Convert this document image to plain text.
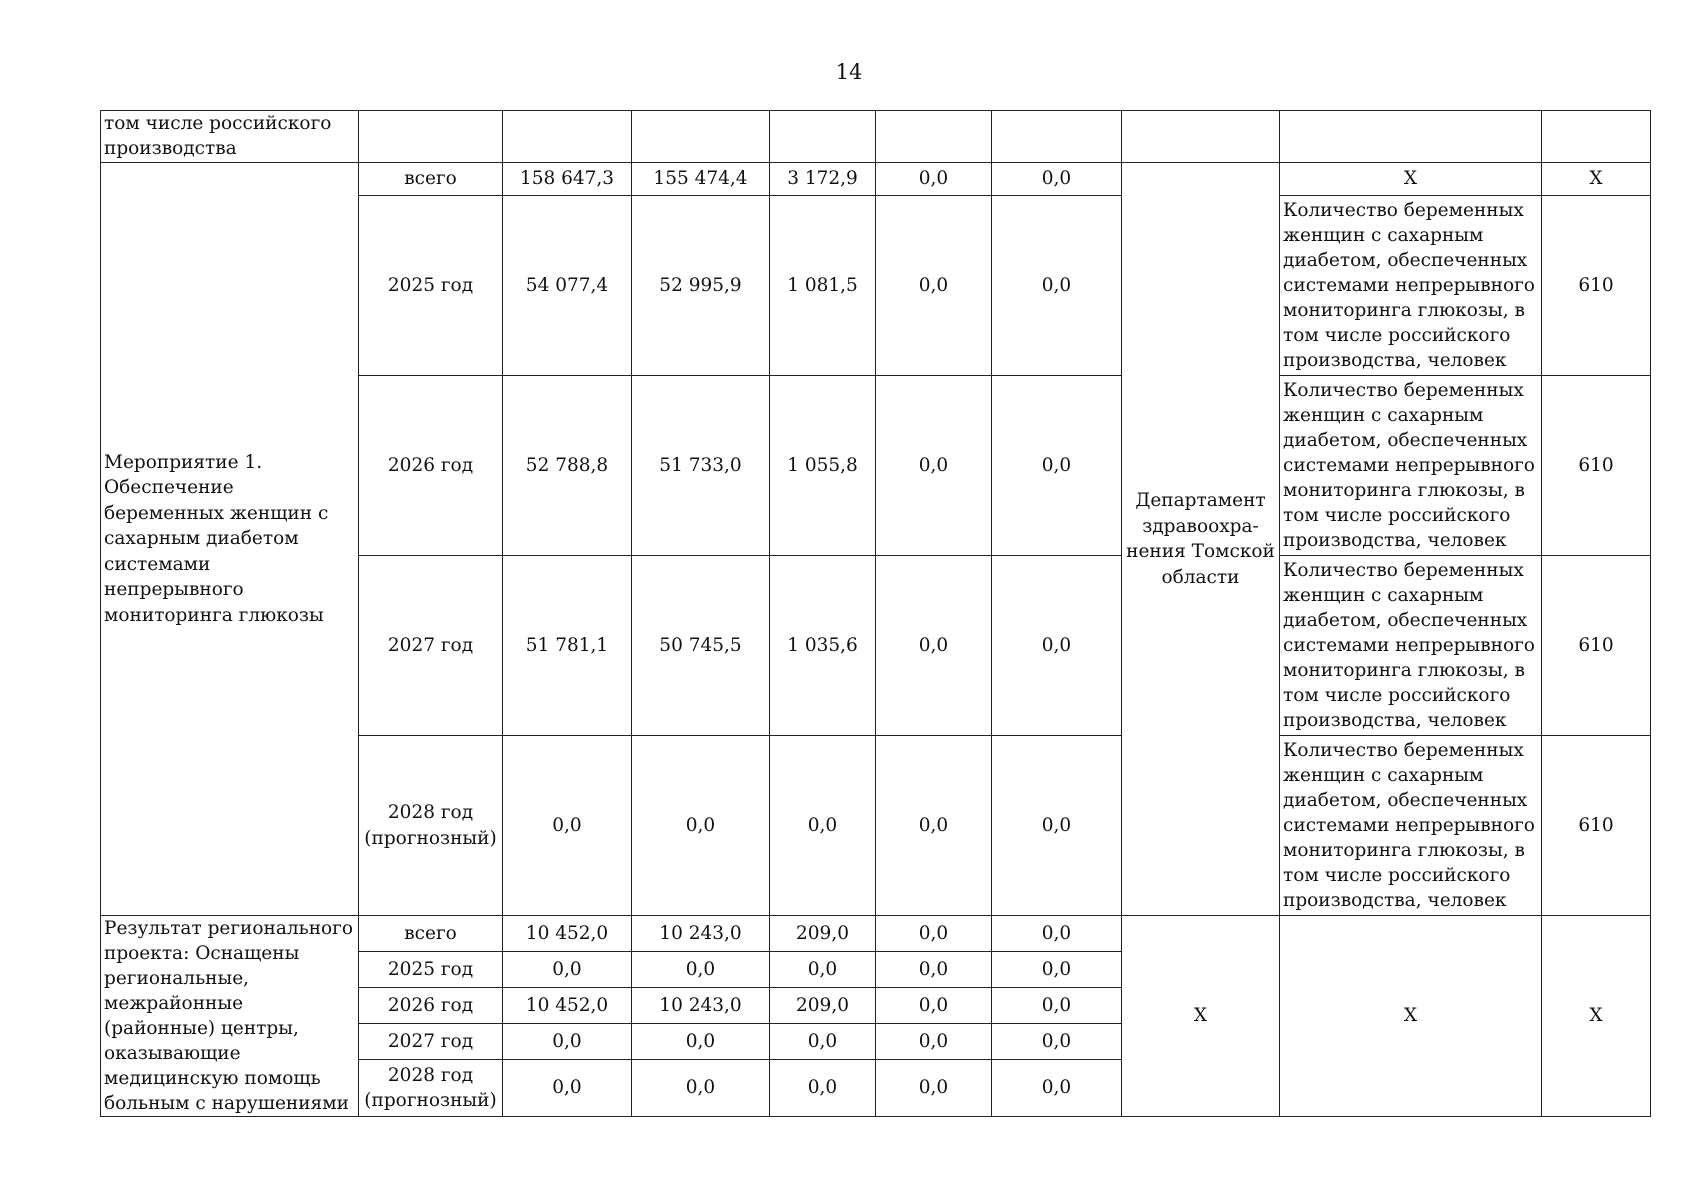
14
том числе российского производства									
Мероприятие 1. Обеспечение беременных женщин с сахарным диабетом системами непрерывного мониторинга глюкозы	всего	158 647,3	155 474,4	3 172,9	0,0	0,0	Департамент здравоохра-нения Томской области	Х	Х
	2025 год	54 077,4	52 995,9	1 081,5	0,0	0,0		Количество беременных женщин с сахарным диабетом, обеспеченных системами непрерывного мониторинга глюкозы, в том числе российского производства, человек	610
	2026 год	52 788,8	51 733,0	1 055,8	0,0	0,0		Количество беременных женщин с сахарным диабетом, обеспеченных системами непрерывного мониторинга глюкозы, в том числе российского производства, человек	610
	2027 год	51 781,1	50 745,5	1 035,6	0,0	0,0		Количество беременных женщин с сахарным диабетом, обеспеченных системами непрерывного мониторинга глюкозы, в том числе российского производства, человек	610
	2028 год (прогнозный)	0,0	0,0	0,0	0,0	0,0		Количество беременных женщин с сахарным диабетом, обеспеченных системами непрерывного мониторинга глюкозы, в том числе российского производства, человек	610
Результат регионального проекта: Оснащены региональные, межрайонные (районные) центры, оказывающие медицинскую помощь больным с нарушениями	всего	10 452,0	10 243,0	209,0	0,0	0,0	Х	Х	Х
	2025 год	0,0	0,0	0,0	0,0	0,0			
	2026 год	10 452,0	10 243,0	209,0	0,0	0,0			
	2027 год	0,0	0,0	0,0	0,0	0,0			
	2028 год (прогнозный)	0,0	0,0	0,0	0,0	0,0			
